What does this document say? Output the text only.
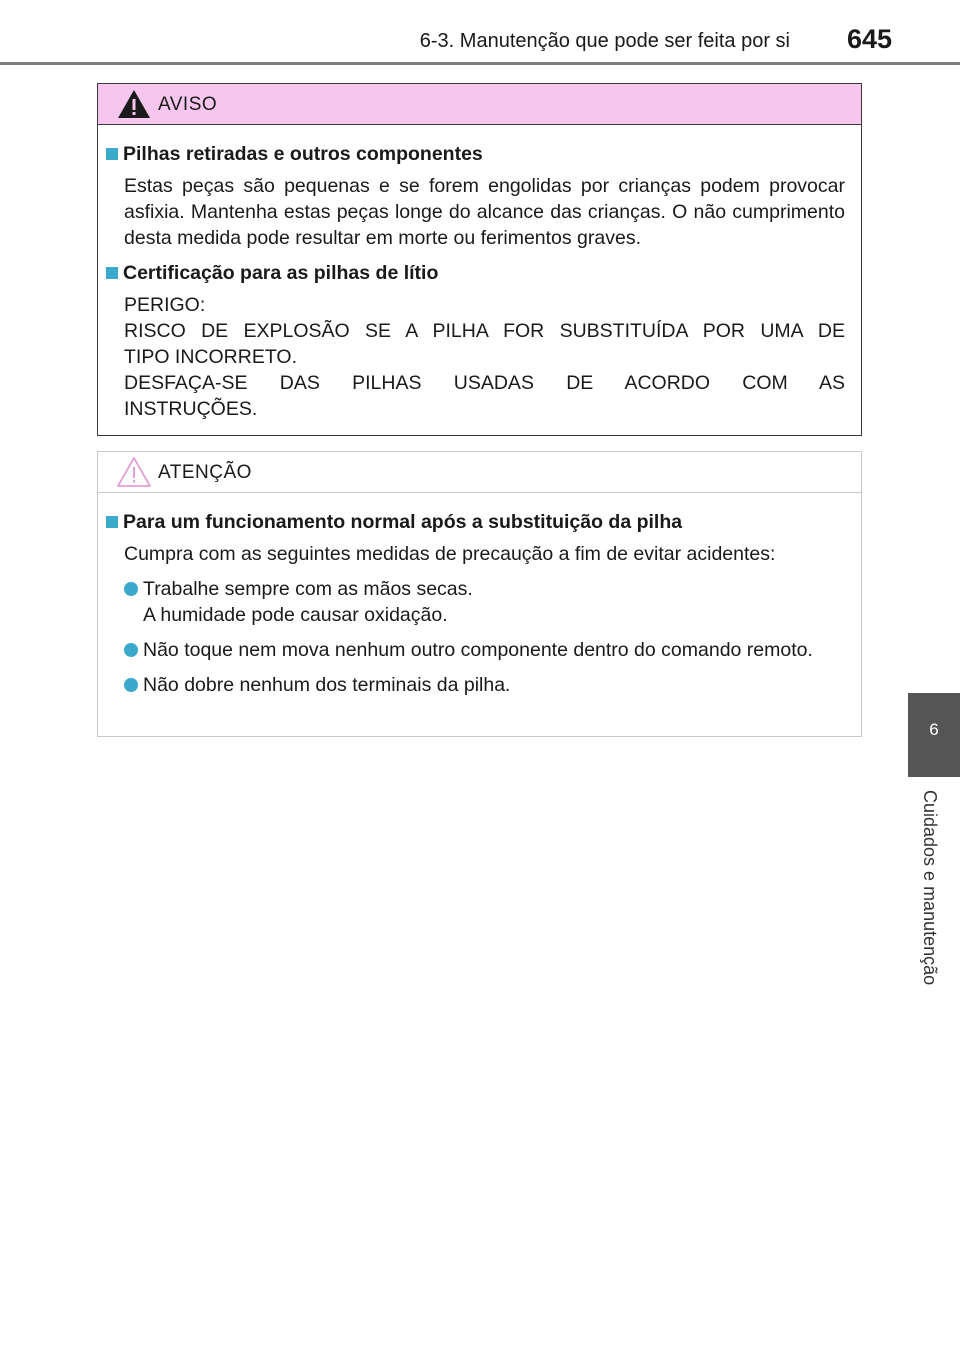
6-3. Manutenção que pode ser feita por si 645
6
Cuidados e manutenção
AVISO
Pilhas retiradas e outros componentes
Estas peças são pequenas e se forem engolidas por crianças podem provocar asfixia. Mantenha estas peças longe do alcance das crianças. O não cumprimento desta medida pode resultar em morte ou ferimentos graves.
Certificação para as pilhas de lítio
PERIGO:
RISCO DE EXPLOSÃO SE A PILHA FOR SUBSTITUÍDA POR UMA DE
TIPO INCORRETO.
DESFAÇA-SE DAS PILHAS USADAS DE ACORDO COM AS
INSTRUÇÕES.
ATENÇÃO
Para um funcionamento normal após a substituição da pilha
Cumpra com as seguintes medidas de precaução a fim de evitar acidentes:
Trabalhe sempre com as mãos secas.
A humidade pode causar oxidação.
Não toque nem mova nenhum outro componente dentro do comando remoto.
Não dobre nenhum dos terminais da pilha.
